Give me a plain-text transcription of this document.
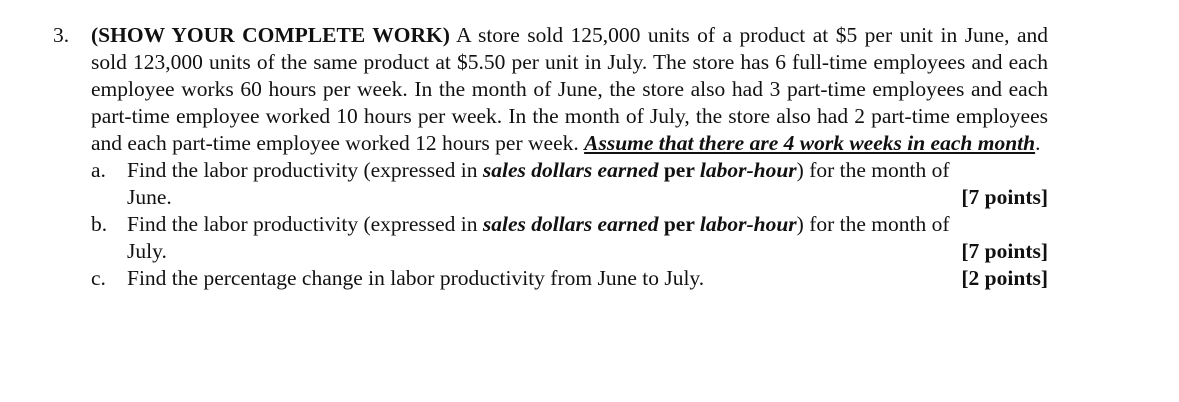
3. (SHOW YOUR COMPLETE WORK) A store sold 125,000 units of a product at $5 per unit in June, and sold 123,000 units of the same product at $5.50 per unit in July. The store has 6 full-time employees and each employee works 60 hours per week. In the month of June, the store also had 3 part-time employees and each part-time employee worked 10 hours per week. In the month of July, the store also had 2 part-time employees and each part-time employee worked 12 hours per week. Assume that there are 4 work weeks in each month.
a. Find the labor productivity (expressed in sales dollars earned per labor-hour) for the month of
June.	[7 points]
b. Find the labor productivity (expressed in sales dollars earned per labor-hour) for the month of
July.	[7 points]
c. Find the percentage change in labor productivity from June to July.	[2 points]
